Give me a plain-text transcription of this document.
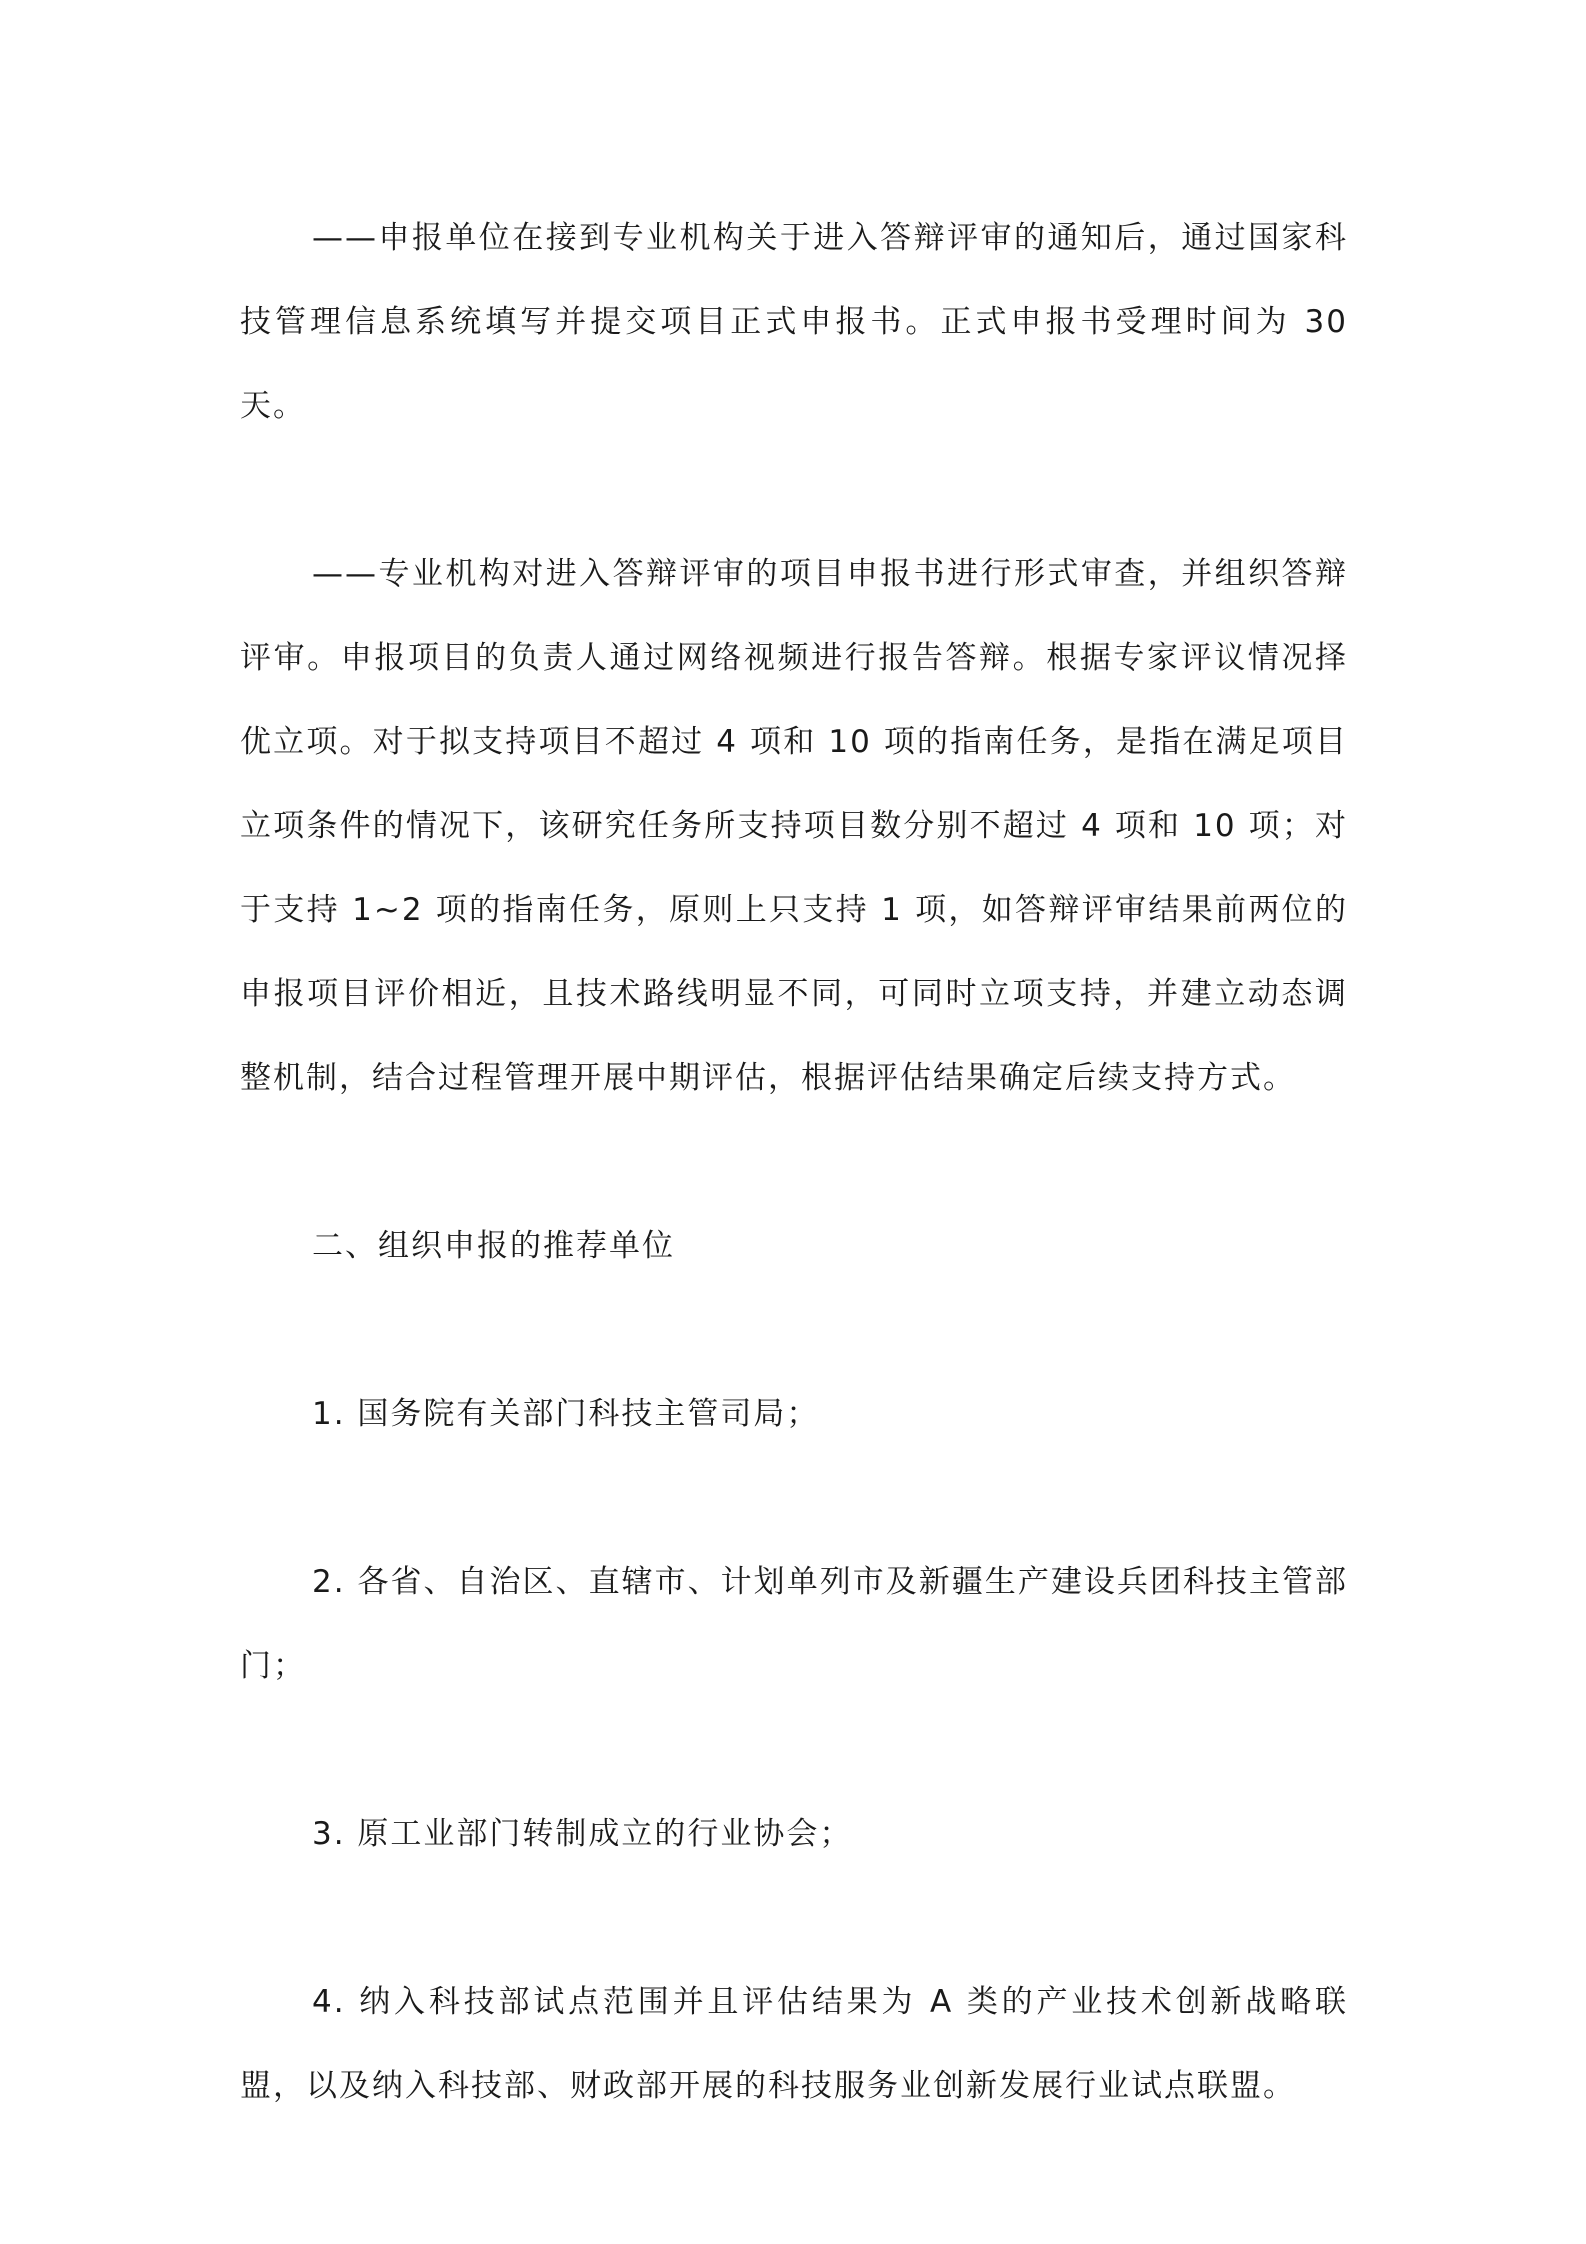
——申报单位在接到专业机构关于进入答辩评审的通知后，通过国家科技管理信息系统填写并提交项目正式申报书。正式申报书受理时间为 30 天。

——专业机构对进入答辩评审的项目申报书进行形式审查，并组织答辩评审。申报项目的负责人通过网络视频进行报告答辩。根据专家评议情况择优立项。对于拟支持项目不超过 4 项和 10 项的指南任务，是指在满足项目立项条件的情况下，该研究任务所支持项目数分别不超过 4 项和 10 项；对于支持 1~2 项的指南任务，原则上只支持 1 项，如答辩评审结果前两位的申报项目评价相近，且技术路线明显不同，可同时立项支持，并建立动态调整机制，结合过程管理开展中期评估，根据评估结果确定后续支持方式。

二、组织申报的推荐单位

1. 国务院有关部门科技主管司局；

2. 各省、自治区、直辖市、计划单列市及新疆生产建设兵团科技主管部门；

3. 原工业部门转制成立的行业协会；

4. 纳入科技部试点范围并且评估结果为 A 类的产业技术创新战略联盟，以及纳入科技部、财政部开展的科技服务业创新发展行业试点联盟。
